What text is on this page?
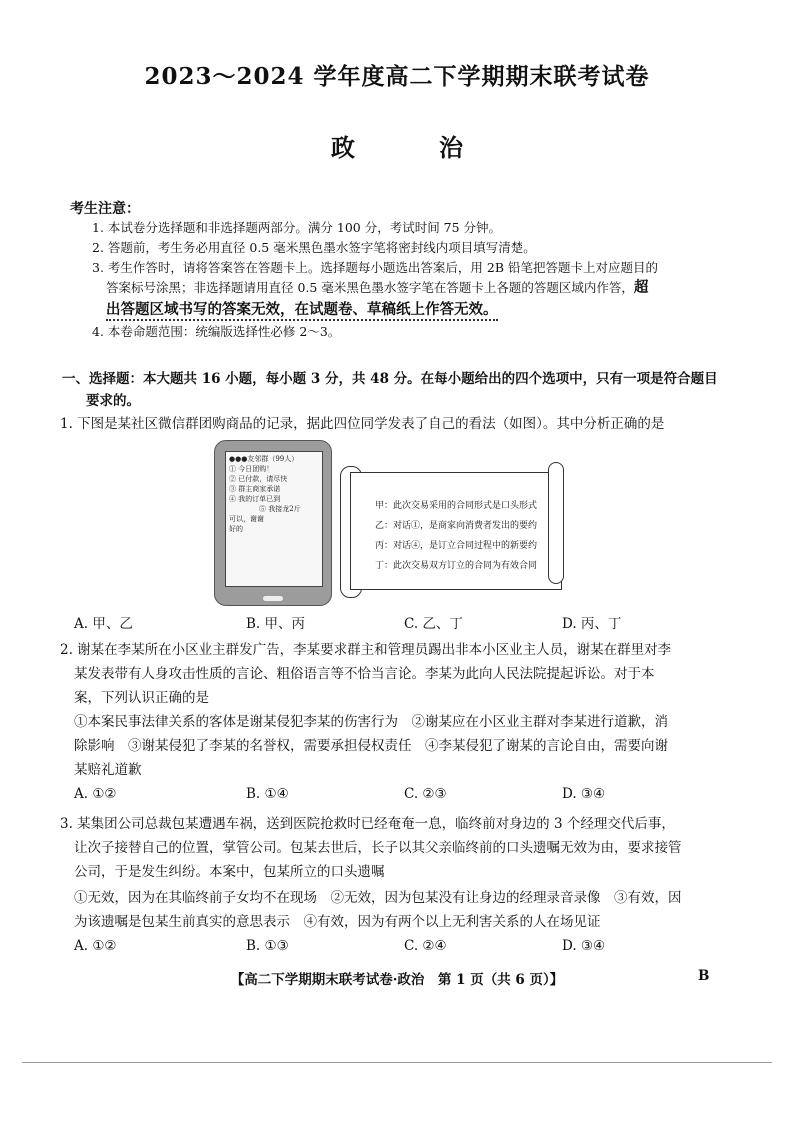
2023～2024 学年度高二下学期期末联考试卷
政　治
考生注意：
1. 本试卷分选择题和非选择题两部分。满分 100 分，考试时间 75 分钟。
2. 答题前，考生务必用直径 0.5 毫米黑色墨水签字笔将密封线内项目填写清楚。
3. 考生作答时，请将答案答在答题卡上。选择题每小题选出答案后，用 2B 铅笔把答题卡上对应题目的
答案标号涂黑；非选择题请用直径 0.5 毫米黑色墨水签字笔在答题卡上各题的答题区域内作答，超
出答题区域书写的答案无效，在试题卷、草稿纸上作答无效。
4. 本卷命题范围：统编版选择性必修 2～3。
一、选择题：本大题共 16 小题，每小题 3 分，共 48 分。在每小题给出的四个选项中，只有一项是符合题目
要求的。
1. 下图是某社区微信群团购商品的记录，据此四位同学发表了自己的看法（如图）。其中分析正确的是
●●●友邻群（99人）
① 今日团购！
② 已付款，请尽快
③ 群主商家承诺
④ 我的订单已到
⑤ 我接龙2斤
可以，谢谢
好的
甲：此次交易采用的合同形式是口头形式
乙：对话①，是商家向消费者发出的要约
丙：对话④，是订立合同过程中的新要约
丁：此次交易双方订立的合同为有效合同
A. 甲、乙	B. 甲、丙	C. 乙、丁	D. 丙、丁
2. 谢某在李某所在小区业主群发广告，李某要求群主和管理员踢出非本小区业主人员，谢某在群里对李
某发表带有人身攻击性质的言论、粗俗语言等不恰当言论。李某为此向人民法院提起诉讼。对于本
案，下列认识正确的是
①本案民事法律关系的客体是谢某侵犯李某的伤害行为　②谢某应在小区业主群对李某进行道歉，消
除影响　③谢某侵犯了李某的名誉权，需要承担侵权责任　④李某侵犯了谢某的言论自由，需要向谢
某赔礼道歉
A. ①②	B. ①④	C. ②③	D. ③④
3. 某集团公司总裁包某遭遇车祸，送到医院抢救时已经奄奄一息，临终前对身边的 3 个经理交代后事，
让次子接替自己的位置，掌管公司。包某去世后，长子以其父亲临终前的口头遗嘱无效为由，要求接管
公司，于是发生纠纷。本案中，包某所立的口头遗嘱
①无效，因为在其临终前子女均不在现场　②无效，因为包某没有让身边的经理录音录像　③有效，因
为该遗嘱是包某生前真实的意思表示　④有效，因为有两个以上无利害关系的人在场见证
A. ①②	B. ①③	C. ②④	D. ③④
【高二下学期期末联考试卷·政治　第 1 页（共 6 页）】	B
